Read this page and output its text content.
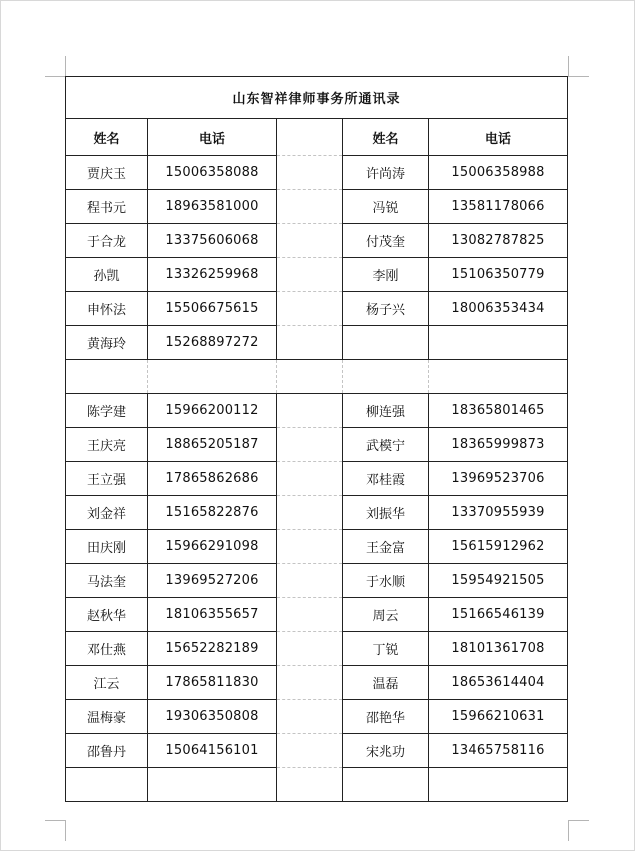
山东智祥律师事务所通讯录				
姓名	电话		姓名	电话
贾庆玉	15006358088		许尚涛	15006358988
程书元	18963581000		冯锐	13581178066
于合龙	13375606068		付茂奎	13082787825
孙凯	13326259968		李刚	15106350779
申怀法	15506675615		杨子兴	18006353434
黄海玲	15268897272			

陈学建	15966200112		柳连强	18365801465
王庆亮	18865205187		武模宁	18365999873
王立强	17865862686		邓桂霞	13969523706
刘金祥	15165822876		刘振华	13370955939
田庆刚	15966291098		王金富	15615912962
马法奎	13969527206		于水顺	15954921505
赵秋华	18106355657		周云	15166546139
邓仕燕	15652282189		丁锐	18101361708
江云	17865811830		温磊	18653614404
温梅豪	19306350808		邵艳华	15966210631
邵鲁丹	15064156101		宋兆功	13465758116
